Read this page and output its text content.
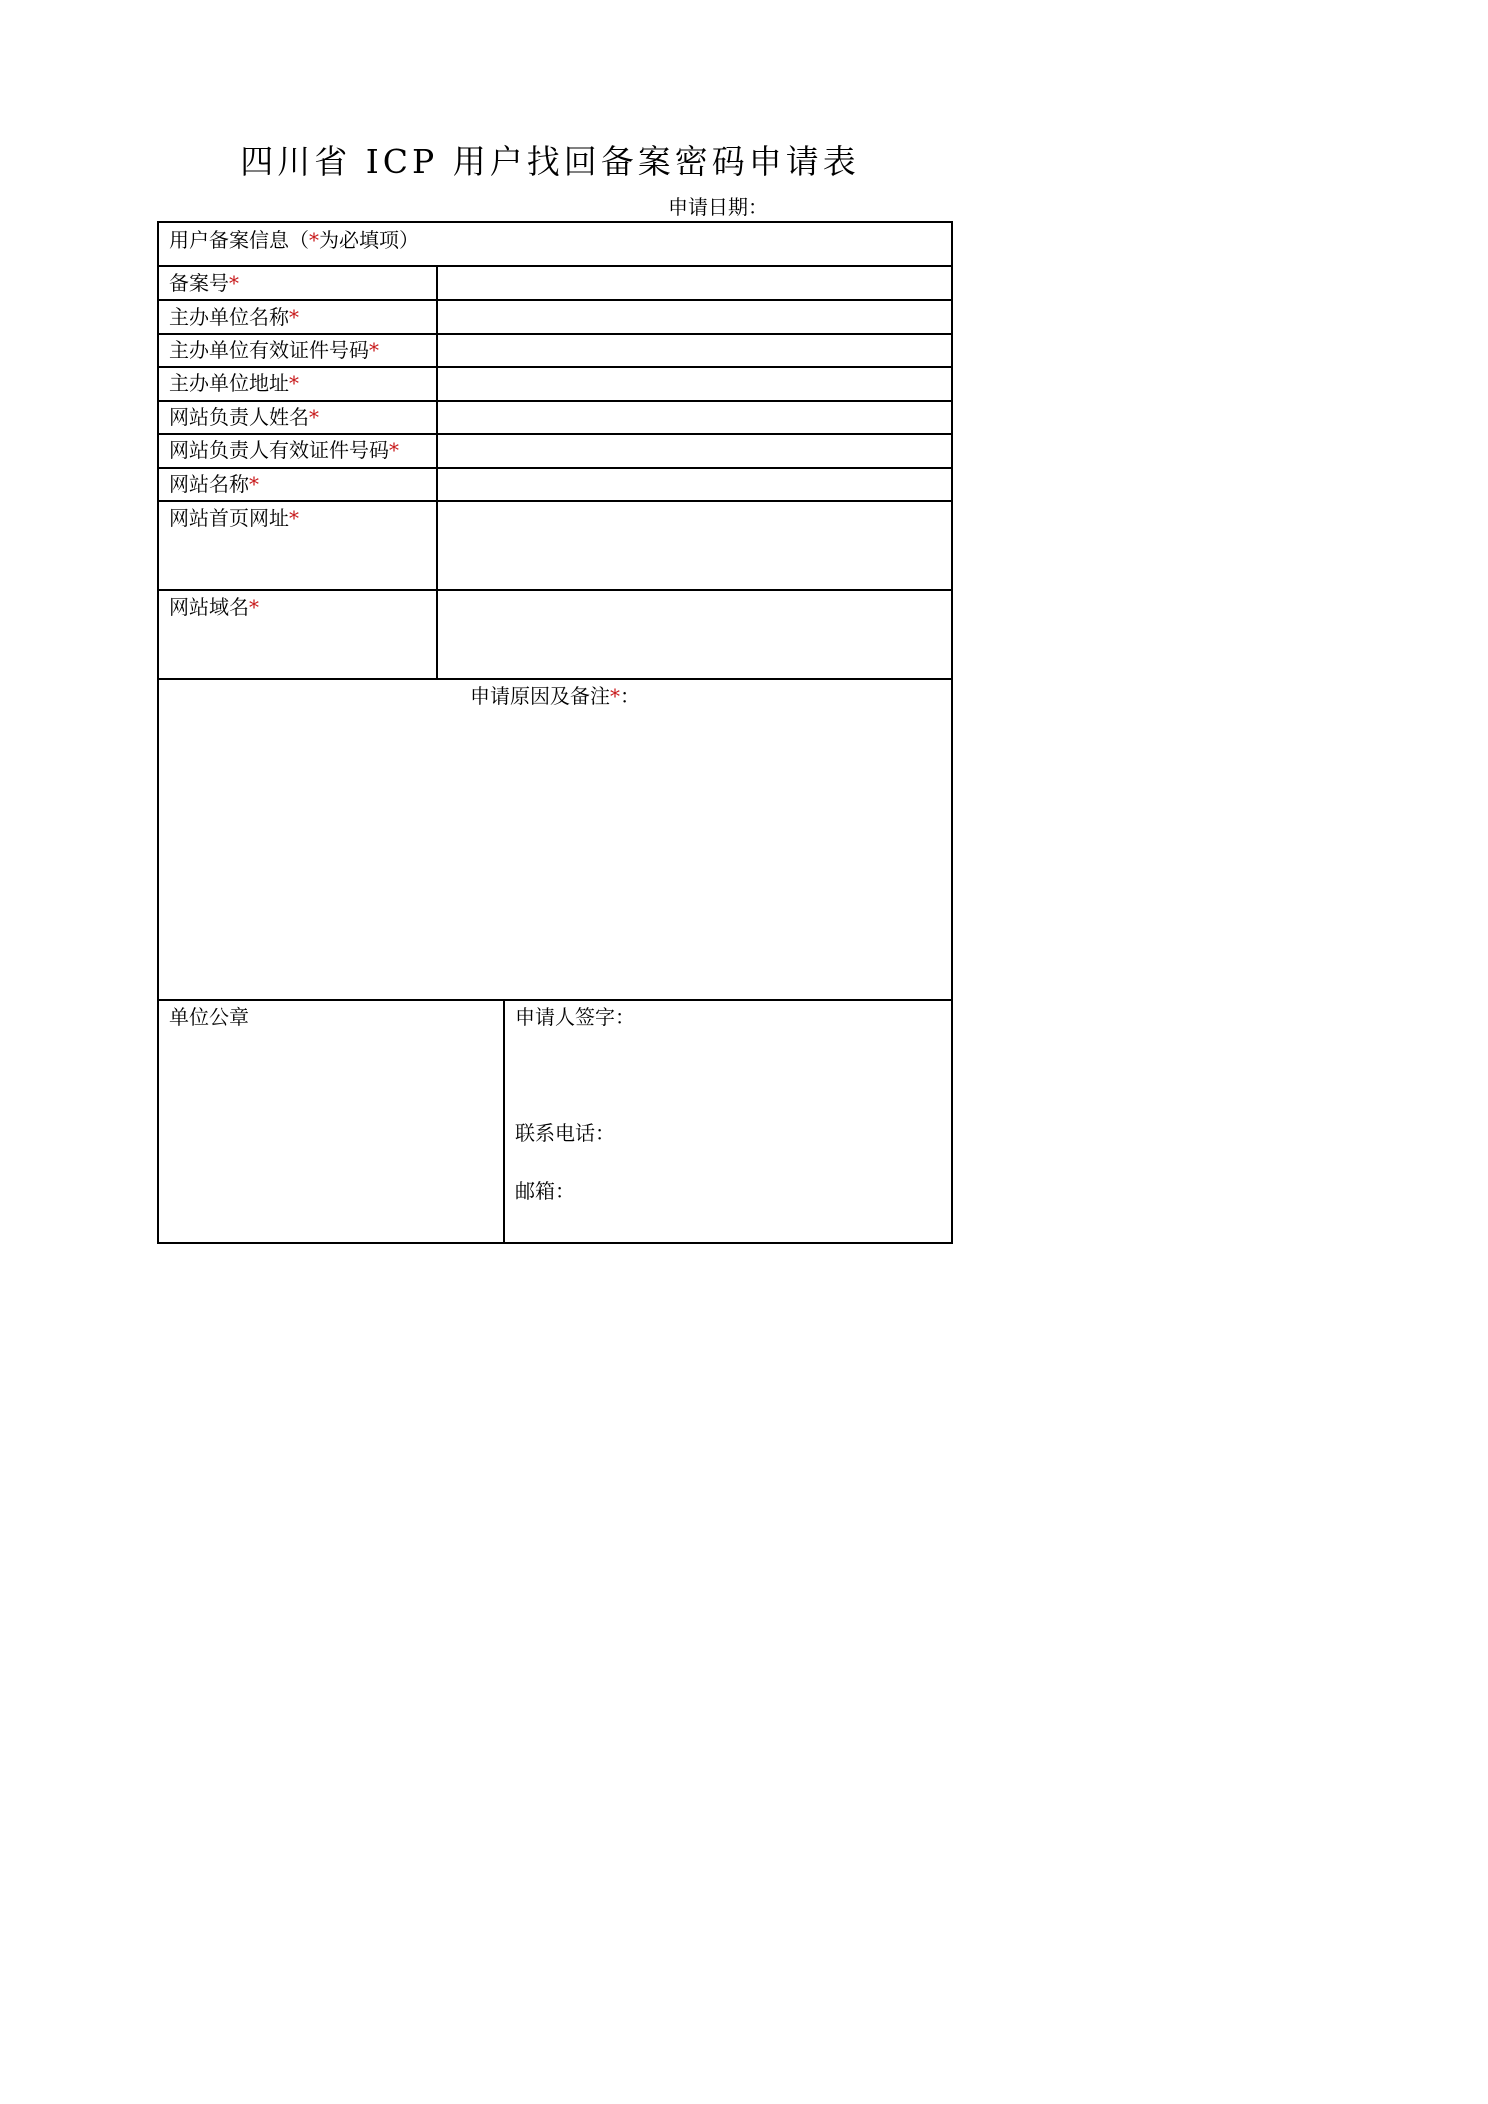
四川省 ICP 用户找回备案密码申请表
申请日期：
用户备案信息（*为必填项）
备案号*
主办单位名称*
主办单位有效证件号码*
主办单位地址*
网站负责人姓名*
网站负责人有效证件号码*
网站名称*
网站首页网址*
网站域名*
申请原因及备注*：
单位公章	申请人签字：
联系电话：
邮箱：
